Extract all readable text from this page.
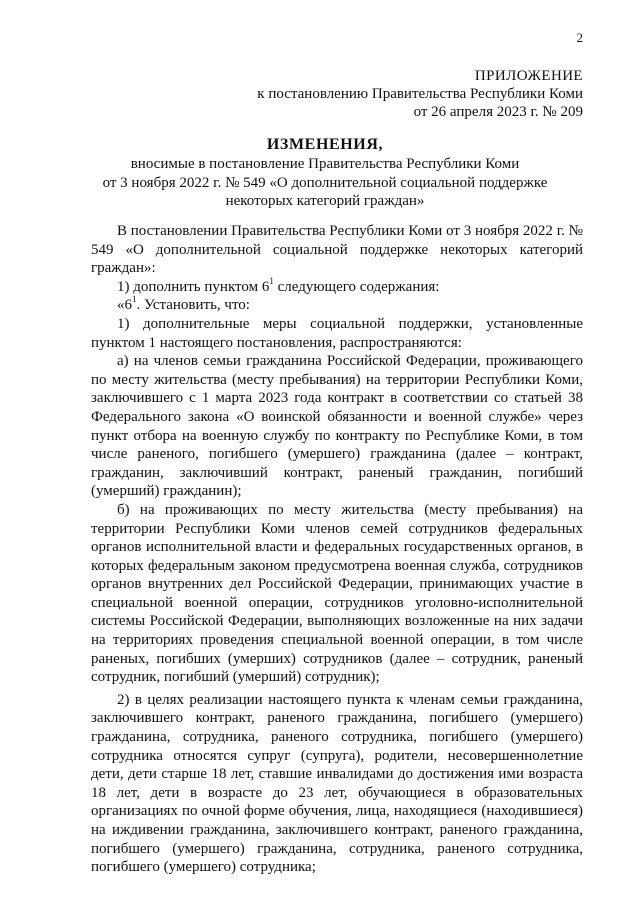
2
ПРИЛОЖЕНИЕ
к постановлению Правительства Республики Коми
от 26 апреля 2023 г. № 209
ИЗМЕНЕНИЯ,
вносимые в постановление Правительства Республики Коми
от 3 ноября 2022 г. № 549 «О дополнительной социальной поддержке
некоторых категорий граждан»

В постановлении Правительства Республики Коми от 3 ноября 2022 г. № 549 «О дополнительной социальной поддержке некоторых категорий граждан»:

1) дополнить пунктом $6^1$ следующего содержания:

«$6^1$. Установить, что:

1) дополнительные меры социальной поддержки, установленные пунктом 1 настоящего постановления, распространяются:

а) на членов семьи гражданина Российской Федерации, проживающего по месту жительства (месту пребывания) на территории Республики Коми, заключившего с 1 марта 2023 года контракт в соответствии со статьей 38 Федерального закона «О воинской обязанности и военной службе» через пункт отбора на военную службу по контракту по Республике Коми, в том числе раненого, погибшего (умершего) гражданина (далее – контракт, гражданин, заключивший контракт, раненый гражданин, погибший (умерший) гражданин);

б) на проживающих по месту жительства (месту пребывания) на территории Республики Коми членов семей сотрудников федеральных органов исполнительной власти и федеральных государственных органов, в которых федеральным законом предусмотрена военная служба, сотрудников органов внутренних дел Российской Федерации, принимающих участие в специальной военной операции, сотрудников уголовно-исполнительной системы Российской Федерации, выполняющих возложенные на них задачи на территориях проведения специальной военной операции, в том числе раненых, погибших (умерших) сотрудников (далее – сотрудник, раненый сотрудник, погибший (умерший) сотрудник);

2) в целях реализации настоящего пункта к членам семьи гражданина, заключившего контракт, раненого гражданина, погибшего (умершего) гражданина, сотрудника, раненого сотрудника, погибшего (умершего) сотрудника относятся супруг (супруга), родители, несовершеннолетние дети, дети старше 18 лет, ставшие инвалидами до достижения ими возраста 18 лет, дети в возрасте до 23 лет, обучающиеся в образовательных организациях по очной форме обучения, лица, находящиеся (находившиеся) на иждивении гражданина, заключившего контракт, раненого гражданина, погибшего (умершего) гражданина, сотрудника, раненого сотрудника, погибшего (умершего) сотрудника;
